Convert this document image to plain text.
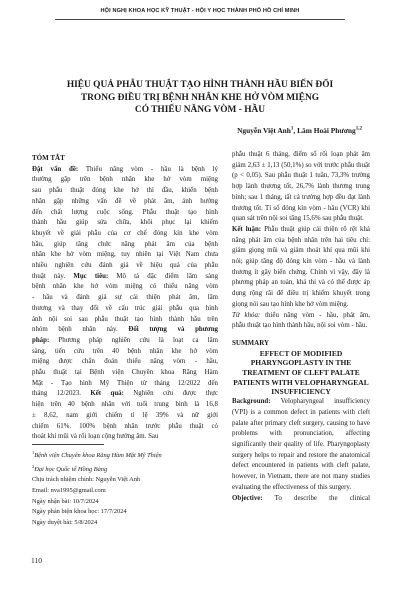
HỘI NGHỊ KHOA HỌC KỸ THUẬT - HỘI Y HỌC THÀNH PHỐ HỒ CHÍ MINH
HIỆU QUẢ PHẪU THUẬT TẠO HÌNH THÀNH HẦU BIẾN ĐỔI
TRONG ĐIỀU TRỊ BỆNH NHÂN KHE HỞ VÒM MIỆNG
CÓ THIỂU NĂNG VÒM - HẦU
Nguyễn Việt Anh$^1$, Lâm Hoài Phương$^{1,2}$
TÓM TẮT
Đặt vấn đề: Thiểu năng vòm - hầu là bệnh lý
thường gặp trên bệnh nhân khe hở vòm miệng
sau phẫu thuật đóng khe hở thì đầu, khiến bệnh
nhân gặp những vấn đề về phát âm, ảnh hưởng
đến chất lượng cuộc sống. Phẫu thuật tạo hình
thành hầu giúp sửa chữa, khôi phục lại khiếm
khuyết về giải phẫu của cơ chế đóng kín khe vòm
hầu, giúp tăng chức năng phát âm của bệnh
nhân khe hở vòm miệng, tuy nhiên tại Việt Nam chưa
nhiều nghiên cứu đánh giá về hiệu quả của phẫu
thuật này. Mục tiêu: Mô tả đặc điểm lâm sàng
bệnh nhân khe hở vòm miệng có thiểu năng vòm
- hầu và đánh giá sự cải thiện phát âm, lâm
thương và thay đổi về cấu trúc giải phẫu qua hình
ảnh nội soi sau phẫu thuật tạo hình thành hầu trên
nhóm bệnh nhân này. Đối tượng và phương
pháp: Phương pháp nghiên cứu là loạt ca lâm
sàng, tiến cứu trên 40 bệnh nhân khe hở vòm
miệng được chẩn đoán thiểu năng vòm - hầu,
phẫu thuật tại Bệnh viện Chuyên khoa Răng Hàm
Mặt - Tạo hình Mỹ Thiện từ tháng 12/2022 đến
tháng 12/2023. Kết quả: Nghiên cứu được thực
hiện trên 40 bệnh nhân với tuổi trung bình là 16,8
± 8,62, nam giới chiếm tỉ lệ 39% và nữ giới
chiếm 61%. 100% bệnh nhân trước phẫu thuật có
thoát khí mũi và rối loạn cộng hưởng âm. Sau
phẫu thuật 6 tháng, điểm số rối loạn phát âm
giảm 2,63 ± 1,13 (50,1%) so với trước phẫu thuật
(p < 0,05). Sau phẫu thuật 1 tuần, 73,3% trường
hợp lành thương tốt, 26,7% lành thương trung
bình; sau 1 tháng, tất cả trường hợp đều đạt lành
thương tốt. Tỉ số đóng kín vòm - hầu (VCR) khi
quan sát trên nội soi tăng 15,6% sau phẫu thuật.
Kết luận: Phẫu thuật giúp cải thiện rõ rệt khả
năng phát âm của bệnh nhân trên hai tiêu chí:
giảm giọng mũi và giảm thoát khí qua mũi khi
nói; giúp tăng độ đóng kín vòm - hầu và lành
thương ít gây biến chứng. Chính vì vậy, đây là
phương pháp an toàn, khả thi và có thể được áp
dụng rộng rãi để điều trị khiếm khuyết trong
giọng nói sau tạo hình khe hở vòm miệng.
Từ khóa: thiểu năng vòm - hầu, phát âm,
phẫu thuật tạo hình thành hầu, nội soi vòm - hầu.
SUMMARY
EFFECT OF MODIFIED
PHARYNGOPLASTY IN THE
TREATMENT OF CLEFT PALATE
PATIENTS WITH VELOPHARYNGEAL
INSUFFICIENCY
Background: Velopharyngeal insufficiency
(VPI) is a common defect in patients with cleft
palate after primary cleft surgery, causing to have
problems with pronunciation, affecting
significantly their quality of life. Pharyngoplasty
surgery helps to repair and restore the anatomical
defect encountered in patients with cleft palate,
however, in Vietnam, there are not many studies
evaluating the effectiveness of this surgery.
Objective: To describe the clinical
$^1$Bệnh viện Chuyên khoa Răng Hàm Mặt Mỹ Thiện
$^2$Đại học Quốc tế Hồng Bàng
Chịu trách nhiệm chính: Nguyễn Việt Anh
Email: nva1995@gmail.com
Ngày nhận bài: 10/7/2024
Ngày phản biện khoa học: 17/7/2024
Ngày duyệt bài: 5/8/2024
110
